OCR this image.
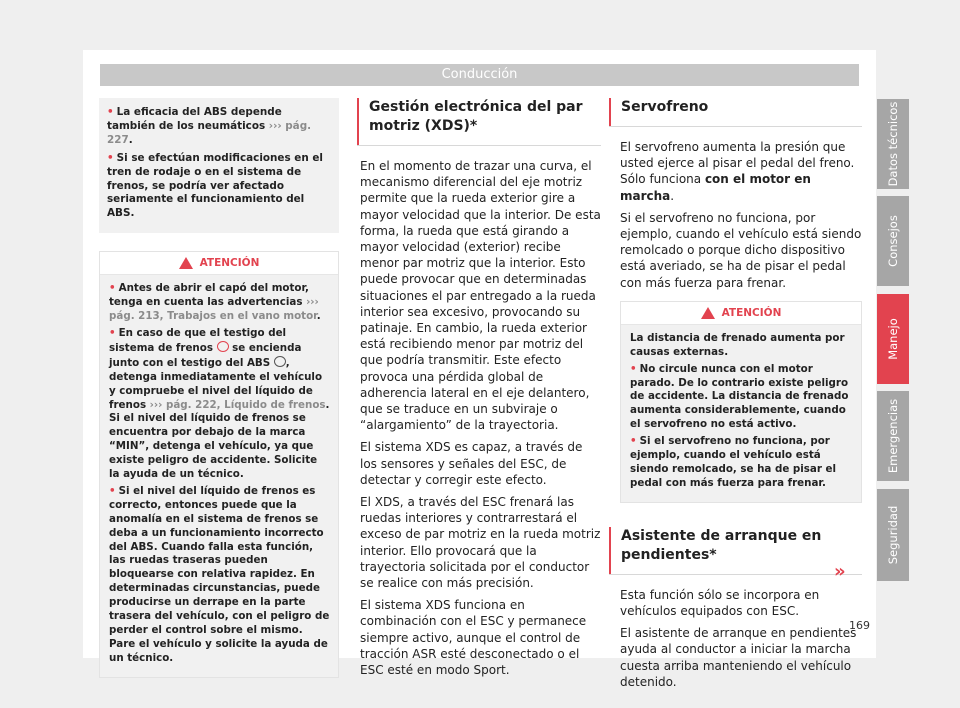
Conducción

• La eficacia del ABS depende también de los neumáticos ››› pág. 227.

• Si se efectúan modificaciones en el tren de rodaje o en el sistema de frenos, se podría ver afectado seriamente el funcionamiento del ABS.

ATENCIÓN

• Antes de abrir el capó del motor, tenga en cuenta las advertencias ››› pág. 213, Trabajos en el vano motor.

• En caso de que el testigo del sistema de frenos  se encienda junto con el testigo del ABS , detenga inmediatamente el vehículo y compruebe el nivel del líquido de frenos ››› pág. 222, Líquido de frenos. Si el nivel del líquido de frenos se encuentra por debajo de la marca “MIN”, detenga el vehículo, ya que existe peligro de accidente. Solicite la ayuda de un técnico.

• Si el nivel del líquido de frenos es correcto, entonces puede que la anomalía en el sistema de frenos se deba a un funcionamiento incorrecto del ABS. Cuando falla esta función, las ruedas traseras pueden bloquearse con relativa rapidez. En determinadas circunstancias, puede producirse un derrape en la parte trasera del vehículo, con el peligro de perder el control sobre el mismo. Pare el vehículo y solicite la ayuda de un técnico.

Gestión electrónica del par motriz (XDS)*

En el momento de trazar una curva, el mecanismo diferencial del eje motriz permite que la rueda exterior gire a mayor velocidad que la interior. De esta forma, la rueda que está girando a mayor velocidad (exterior) recibe menor par motriz que la interior. Esto puede provocar que en determinadas situaciones el par entregado a la rueda interior sea excesivo, provocando su patinaje. En cambio, la rueda exterior está recibiendo menor par motriz del que podría transmitir. Este efecto provoca una pérdida global de adherencia lateral en el eje delantero, que se traduce en un subviraje o “alargamiento” de la trayectoria.

El sistema XDS es capaz, a través de los sensores y señales del ESC, de detectar y corregir este efecto.

El XDS, a través del ESC frenará las ruedas interiores y contrarrestará el exceso de par motriz en la rueda motriz interior. Ello provocará que la trayectoria solicitada por el conductor se realice con más precisión.

El sistema XDS funciona en combinación con el ESC y permanece siempre activo, aunque el control de tracción ASR esté desconectado o el ESC esté en modo Sport.

Servofreno

El servofreno aumenta la presión que usted ejerce al pisar el pedal del freno. Sólo funciona con el motor en marcha.

Si el servofreno no funciona, por ejemplo, cuando el vehículo está siendo remolcado o porque dicho dispositivo está averiado, se ha de pisar el pedal con más fuerza para frenar.

ATENCIÓN

La distancia de frenado aumenta por causas externas.

• No circule nunca con el motor parado. De lo contrario existe peligro de accidente. La distancia de frenado aumenta considerablemente, cuando el servofreno no está activo.

• Si el servofreno no funciona, por ejemplo, cuando el vehículo está siendo remolcado, se ha de pisar el pedal con más fuerza para frenar.

Asistente de arranque en pendientes*

Esta función sólo se incorpora en vehículos equipados con ESC.

El asistente de arranque en pendientes ayuda al conductor a iniciar la marcha cuesta arriba manteniendo el vehículo detenido.

»
Datos técnicos
Consejos
Manejo
Emergencias
Seguridad
169
